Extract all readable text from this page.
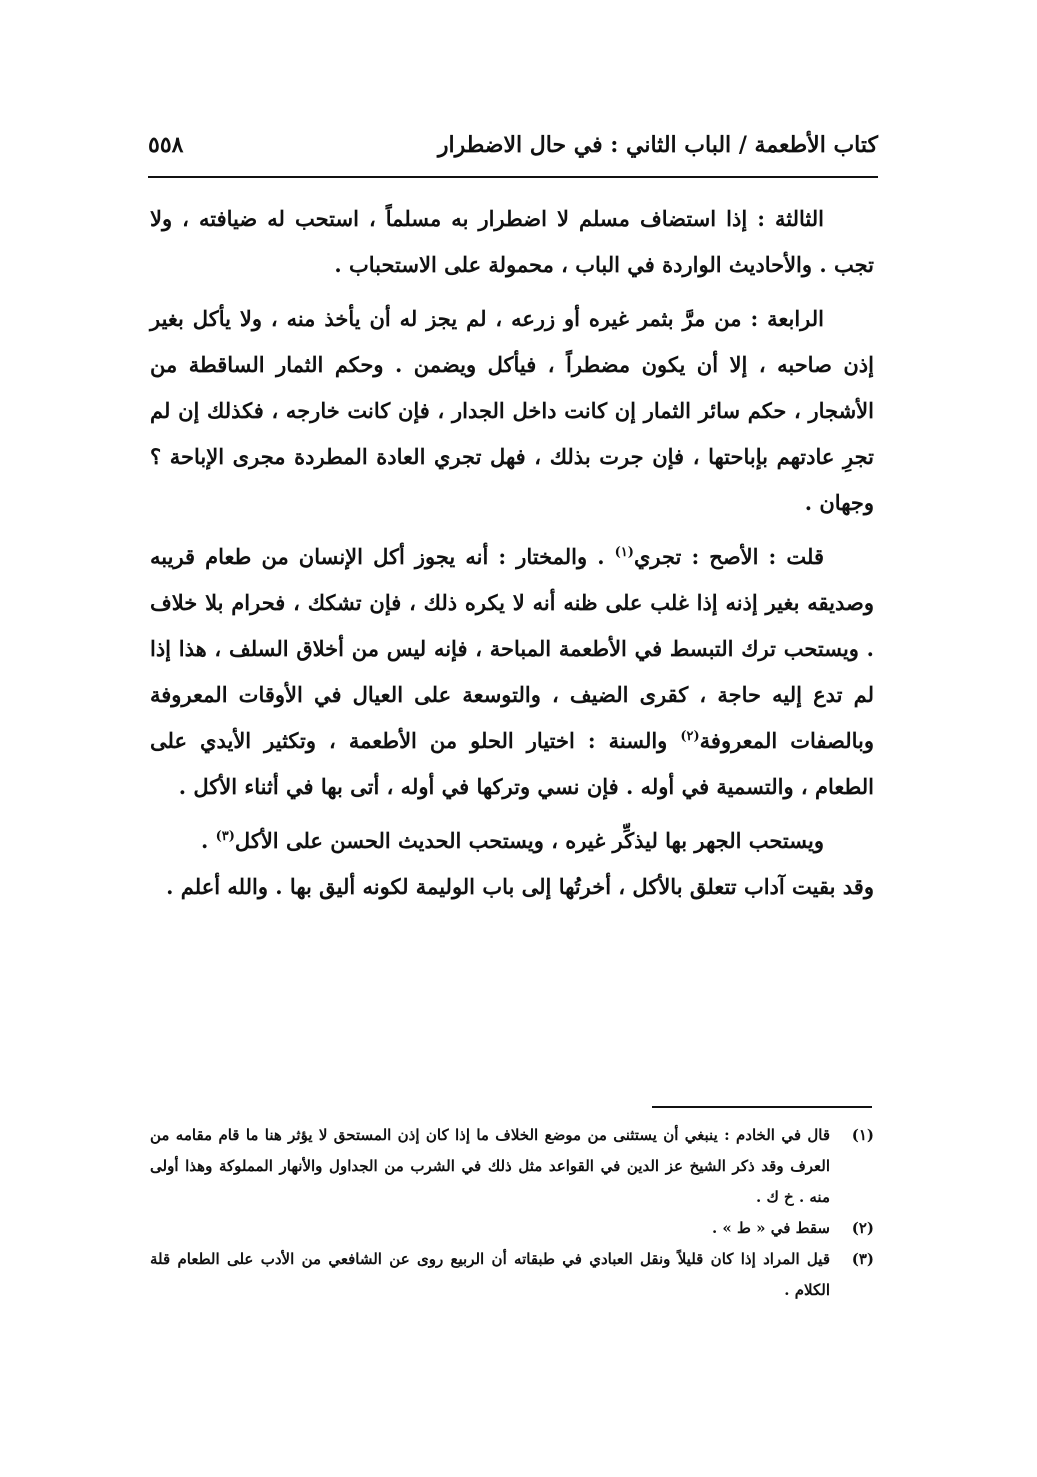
كتاب الأطعمة / الباب الثاني : في حال الاضطرار
٥٥٨

الثالثة : إذا استضاف مسلم لا اضطرار به مسلماً ، استحب له ضيافته ، ولا تجب . والأحاديث الواردة في الباب ، محمولة على الاستحباب .

الرابعة : من مرَّ بثمر غيره أو زرعه ، لم يجز له أن يأخذ منه ، ولا يأكل بغير إذن صاحبه ، إلا أن يكون مضطراً ، فيأكل ويضمن . وحكم الثمار الساقطة من الأشجار ، حكم سائر الثمار إن كانت داخل الجدار ، فإن كانت خارجه ، فكذلك إن لم تجرِ عادتهم بإباحتها ، فإن جرت بذلك ، فهل تجري العادة المطردة مجرى الإباحة ؟ وجهان .

قلت : الأصح : تجري$^{(١)}$ . والمختار : أنه يجوز أكل الإنسان من طعام قريبه وصديقه بغير إذنه إذا غلب على ظنه أنه لا يكره ذلك ، فإن تشكك ، فحرام بلا خلاف . ويستحب ترك التبسط في الأطعمة المباحة ، فإنه ليس من أخلاق السلف ، هذا إذا لم تدع إليه حاجة ، كقرى الضيف ، والتوسعة على العيال في الأوقات المعروفة وبالصفات المعروفة$^{(٢)}$ والسنة : اختيار الحلو من الأطعمة ، وتكثير الأيدي على الطعام ، والتسمية في أوله . فإن نسي وتركها في أوله ، أتى بها في أثناء الأكل .

ويستحب الجهر بها ليذكِّر غيره ، ويستحب الحديث الحسن على الأكل$^{(٣)}$ .

وقد بقيت آداب تتعلق بالأكل ، أخرتُها إلى باب الوليمة لكونه أليق بها . والله أعلم .

(١)
قال في الخادم : ينبغي أن يستثنى من موضع الخلاف ما إذا كان إذن المستحق لا يؤثر هنا ما قام مقامه من العرف وقد ذكر الشيخ عز الدين في القواعد مثل ذلك في الشرب من الجداول والأنهار المملوكة وهذا أولى منه . خ ك .
(٢)
سقط في « ط » .
(٣)
قيل المراد إذا كان قليلاً ونقل العبادي في طبقاته أن الربيع روى عن الشافعي من الأدب على الطعام قلة الكلام .
